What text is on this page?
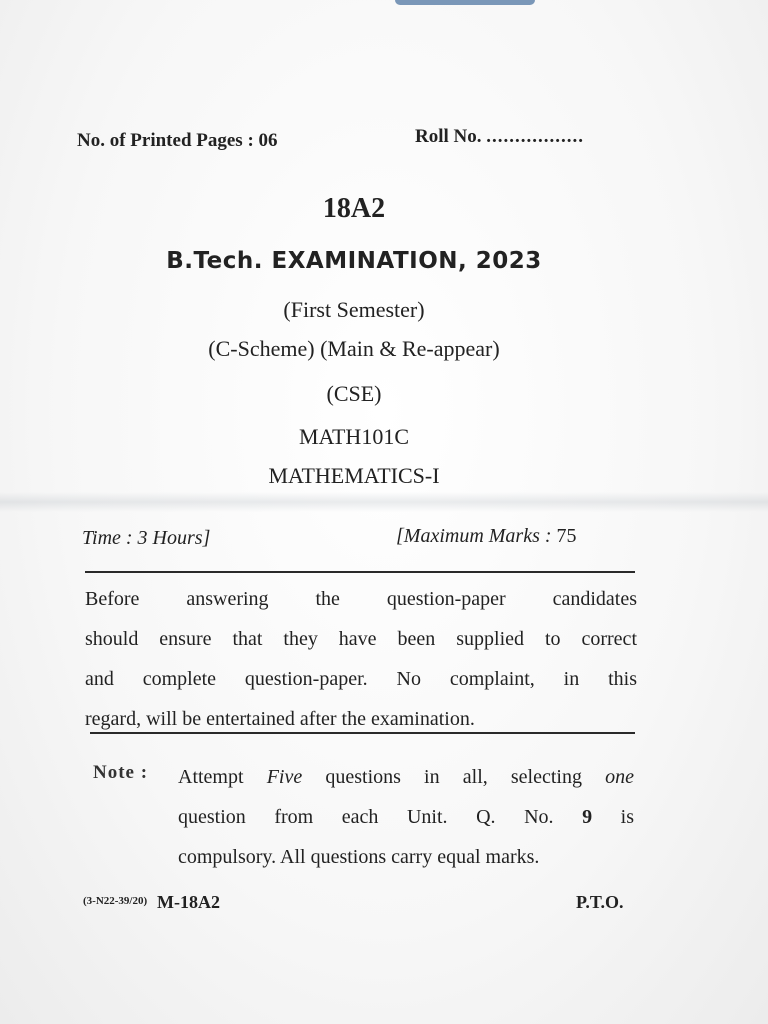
No. of Printed Pages : 06	Roll No. .................
18A2
B.Tech. EXAMINATION, 2023
(First Semester)
(C-Scheme) (Main & Re-appear)
(CSE)
MATH101C
MATHEMATICS-I
Time : 3 Hours]	[Maximum Marks : 75
Before answering the question-paper candidates
should ensure that they have been supplied to correct
and complete question-paper. No complaint, in this
regard, will be entertained after the examination.
Note : Attempt Five questions in all, selecting one
question from each Unit. Q. No. 9 is
compulsory. All questions carry equal marks.
(3-N22-39/20) M-18A2	P.T.O.
